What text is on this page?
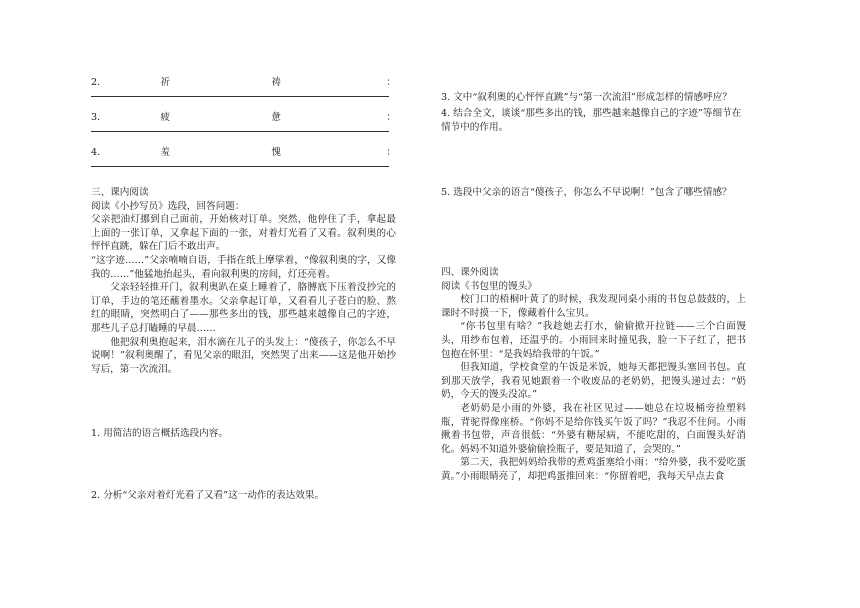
2.	祈	祷	：
3.	疲	惫	：
4.	羞	愧	：

三、课内阅读

阅读《小抄写员》选段，回答问题：

父亲把油灯挪到自己面前，开始核对订单。突然，他停住了手，拿起最上面的一张订单，又拿起下面的一张，对着灯光看了又看。叙利奥的心怦怦直跳，躲在门后不敢出声。

“这字迹……”父亲喃喃自语，手指在纸上摩挲着，“像叙利奥的字，又像我的……”他猛地抬起头，看向叙利奥的房间，灯还亮着。

父亲轻轻推开门，叙利奥趴在桌上睡着了，胳膊底下压着没抄完的订单，手边的笔还蘸着墨水。父亲拿起订单，又看看儿子苍白的脸、熬红的眼睛，突然明白了——那些多出的钱，那些越来越像自己的字迹，那些儿子总打瞌睡的早晨……

他把叙利奥抱起来，泪水滴在儿子的头发上：“傻孩子，你怎么不早说啊！”叙利奥醒了，看见父亲的眼泪，突然哭了出来——这是他开始抄写后，第一次流泪。

1. 用简洁的语言概括选段内容。

2. 分析“父亲对着灯光看了又看”这一动作的表达效果。

3. 文中“叙利奥的心怦怦直跳”与“第一次流泪”形成怎样的情感呼应？

4. 结合全文，谈谈“那些多出的钱，那些越来越像自己的字迹”等细节在情节中的作用。

5. 选段中父亲的语言“傻孩子，你怎么不早说啊！”包含了哪些情感？

四、课外阅读

阅读《书包里的馒头》

校门口的梧桐叶黄了的时候，我发现同桌小雨的书包总鼓鼓的，上课时不时摸一下，像藏着什么宝贝。

“你书包里有啥？”我趁她去打水，偷偷掀开拉链——三个白面馒头，用纱布包着，还温乎的。小雨回来时撞见我，脸一下子红了，把书包抱在怀里：“是我妈给我带的午饭。”

但我知道，学校食堂的午饭是米饭，她每天都把馒头塞回书包。直到那天放学，我看见她跟着一个收废品的老奶奶，把馒头递过去：“奶奶，今天的馒头没凉。”

老奶奶是小雨的外婆，我在社区见过——她总在垃圾桶旁捡塑料瓶，背驼得像座桥。“你妈不是给你钱买午饭了吗？”我忍不住问。小雨揪着书包带，声音很低：“外婆有糖尿病，不能吃甜的，白面馒头好消化。妈妈不知道外婆偷偷捡瓶子，要是知道了，会哭的。”

第二天，我把妈妈给我带的煮鸡蛋塞给小雨：“给外婆，我不爱吃蛋黄。”小雨眼睛亮了，却把鸡蛋推回来：“你留着吧，我每天早点去食
